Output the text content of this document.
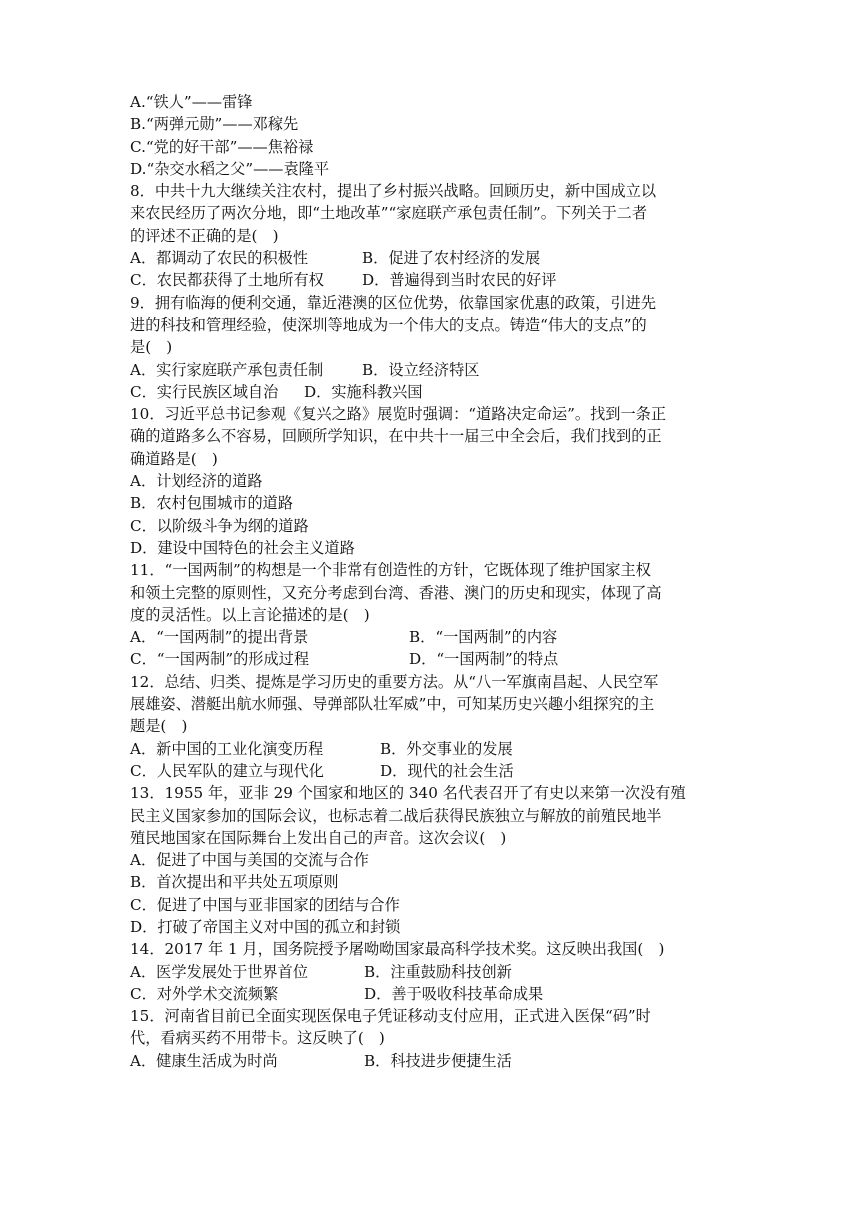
A.“铁人”——雷锋
B.“两弹元勋”——邓稼先
C.“党的好干部”——焦裕禄
D.“杂交水稻之父”——袁隆平
8．中共十九大继续关注农村，提出了乡村振兴战略。回顾历史，新中国成立以
来农民经历了两次分地，即“土地改革”“家庭联产承包责任制”。下列关于二者
的评述不正确的是(　)
A．都调动了农民的积极性	B．促进了农村经济的发展
C．农民都获得了土地所有权	D．普遍得到当时农民的好评
9．拥有临海的便利交通，靠近港澳的区位优势，依靠国家优惠的政策，引进先
进的科技和管理经验，使深圳等地成为一个伟大的支点。铸造“伟大的支点”的
是(　)
A．实行家庭联产承包责任制	B．设立经济特区
C．实行民族区域自治	D．实施科教兴国
10．习近平总书记参观《复兴之路》展览时强调：“道路决定命运”。找到一条正
确的道路多么不容易，回顾所学知识，在中共十一届三中全会后，我们找到的正
确道路是(　)
A．计划经济的道路
B．农村包围城市的道路
C．以阶级斗争为纲的道路
D．建设中国特色的社会主义道路
11．“一国两制”的构想是一个非常有创造性的方针，它既体现了维护国家主权
和领土完整的原则性，又充分考虑到台湾、香港、澳门的历史和现实，体现了高
度的灵活性。以上言论描述的是(　)
A．“一国两制”的提出背景	B．“一国两制”的内容
C．“一国两制”的形成过程	D．“一国两制”的特点
12．总结、归类、提炼是学习历史的重要方法。从“八一军旗南昌起、人民空军
展雄姿、潜艇出航水师强、导弹部队壮军威”中，可知某历史兴趣小组探究的主
题是(　)
A．新中国的工业化演变历程	B．外交事业的发展
C．人民军队的建立与现代化	D．现代的社会生活
13．1955 年，亚非 29 个国家和地区的 340 名代表召开了有史以来第一次没有殖
民主义国家参加的国际会议，也标志着二战后获得民族独立与解放的前殖民地半
殖民地国家在国际舞台上发出自己的声音。这次会议(　)
A．促进了中国与美国的交流与合作
B．首次提出和平共处五项原则
C．促进了中国与亚非国家的团结与合作
D．打破了帝国主义对中国的孤立和封锁
14．2017 年 1 月，国务院授予屠呦呦国家最高科学技术奖。这反映出我国(　)
A．医学发展处于世界首位	B．注重鼓励科技创新
C．对外学术交流频繁	D．善于吸收科技革命成果
15．河南省目前已全面实现医保电子凭证移动支付应用，正式进入医保“码”时
代，看病买药不用带卡。这反映了(　)
A．健康生活成为时尚	B．科技进步便捷生活
